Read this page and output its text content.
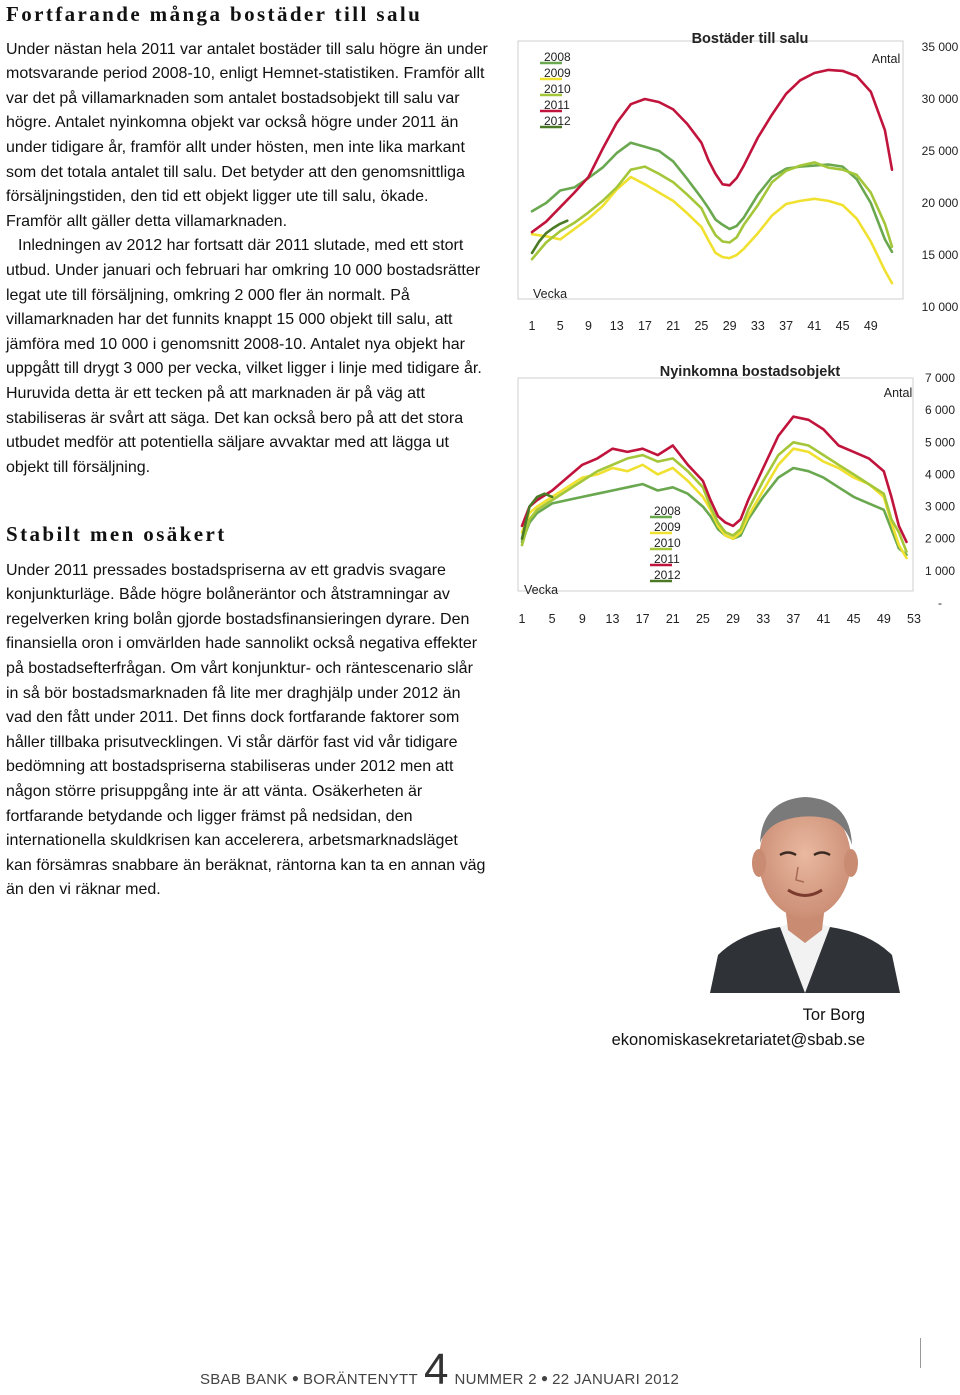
Fortfarande många bostäder till salu

Under nästan hela 2011 var antalet bostäder till salu högre än under motsvarande period 2008-10, enligt Hemnet-statistiken. Framför allt var det på villamarknaden som antalet bostadsobjekt till salu var högre. Antalet nyinkomna objekt var också högre under 2011 än under tidigare år, framför allt under hösten, men inte lika markant som det totala antalet till salu. Det betyder att den genomsnittliga försäljningstiden, den tid ett objekt ligger ute till salu, ökade. Framför allt gäller detta villamarknaden.

Inledningen av 2012 har fortsatt där 2011 slutade, med ett stort utbud. Under januari och februari har omkring 10 000 bostadsrätter legat ute till försäljning, omkring 2 000 fler än normalt. På villamarknaden har det funnits knappt 15 000 objekt till salu, att jämföra med 10 000 i genomsnitt 2008-10. Antalet nya objekt har uppgått till drygt 3 000 per vecka, vilket ligger i linje med tidigare år. Huruvida detta är ett tecken på att marknaden är på väg att stabiliseras är svårt att säga. Det kan också bero på att det stora utbudet medför att potentiella säljare avvaktar med att lägga ut objekt till försäljning.

Stabilt men osäkert

Under 2011 pressades bostadspriserna av ett gradvis svagare konjunkturläge. Både högre bolåneräntor och åtstramningar av regelverken kring bolån gjorde bostadsfinansieringen dyrare. Den finansiella oron i omvärlden hade sannolikt också negativa effekter på bostadsefterfrågan. Om vårt konjunktur- och räntescenario slår in så bör bostadsmarknaden få lite mer draghjälp under 2012 än vad den fått under 2011. Det finns dock fortfarande faktorer som håller tillbaka prisutvecklingen. Vi står därför fast vid vår tidigare bedömning att bostadspriserna stabiliseras under 2012 men att någon större prisuppgång inte är att vänta. Osäkerheten är fortfarande betydande och ligger främst på nedsidan, den internationella skuldkrisen kan accelerera, arbetsmarknadsläget kan försämras snabbare än beräknat, räntorna kan ta en annan väg än den vi räknar med.

Bostäder till salu
Antal
Vecka
35 000
30 000
25 000
20 000
15 000
10 000
1 5 9 13 17 21 25 29 33 37 41 45 49
2008
2009
2010
2011
2012
Nyinkomna bostadsobjekt
Antal
Vecka
7 000
6 000
5 000
4 000
3 000
2 000
1 000
-
1 5 9 13 17 21 25 29 33 37 41 45 49 53
2008
2009
2010
2011
2012
Tor Borg
ekonomiskasekretariatet@sbab.se
SBAB BANK ● BORÄNTENYTT 4 NUMMER 2 ● 22 JANUARI 2012
